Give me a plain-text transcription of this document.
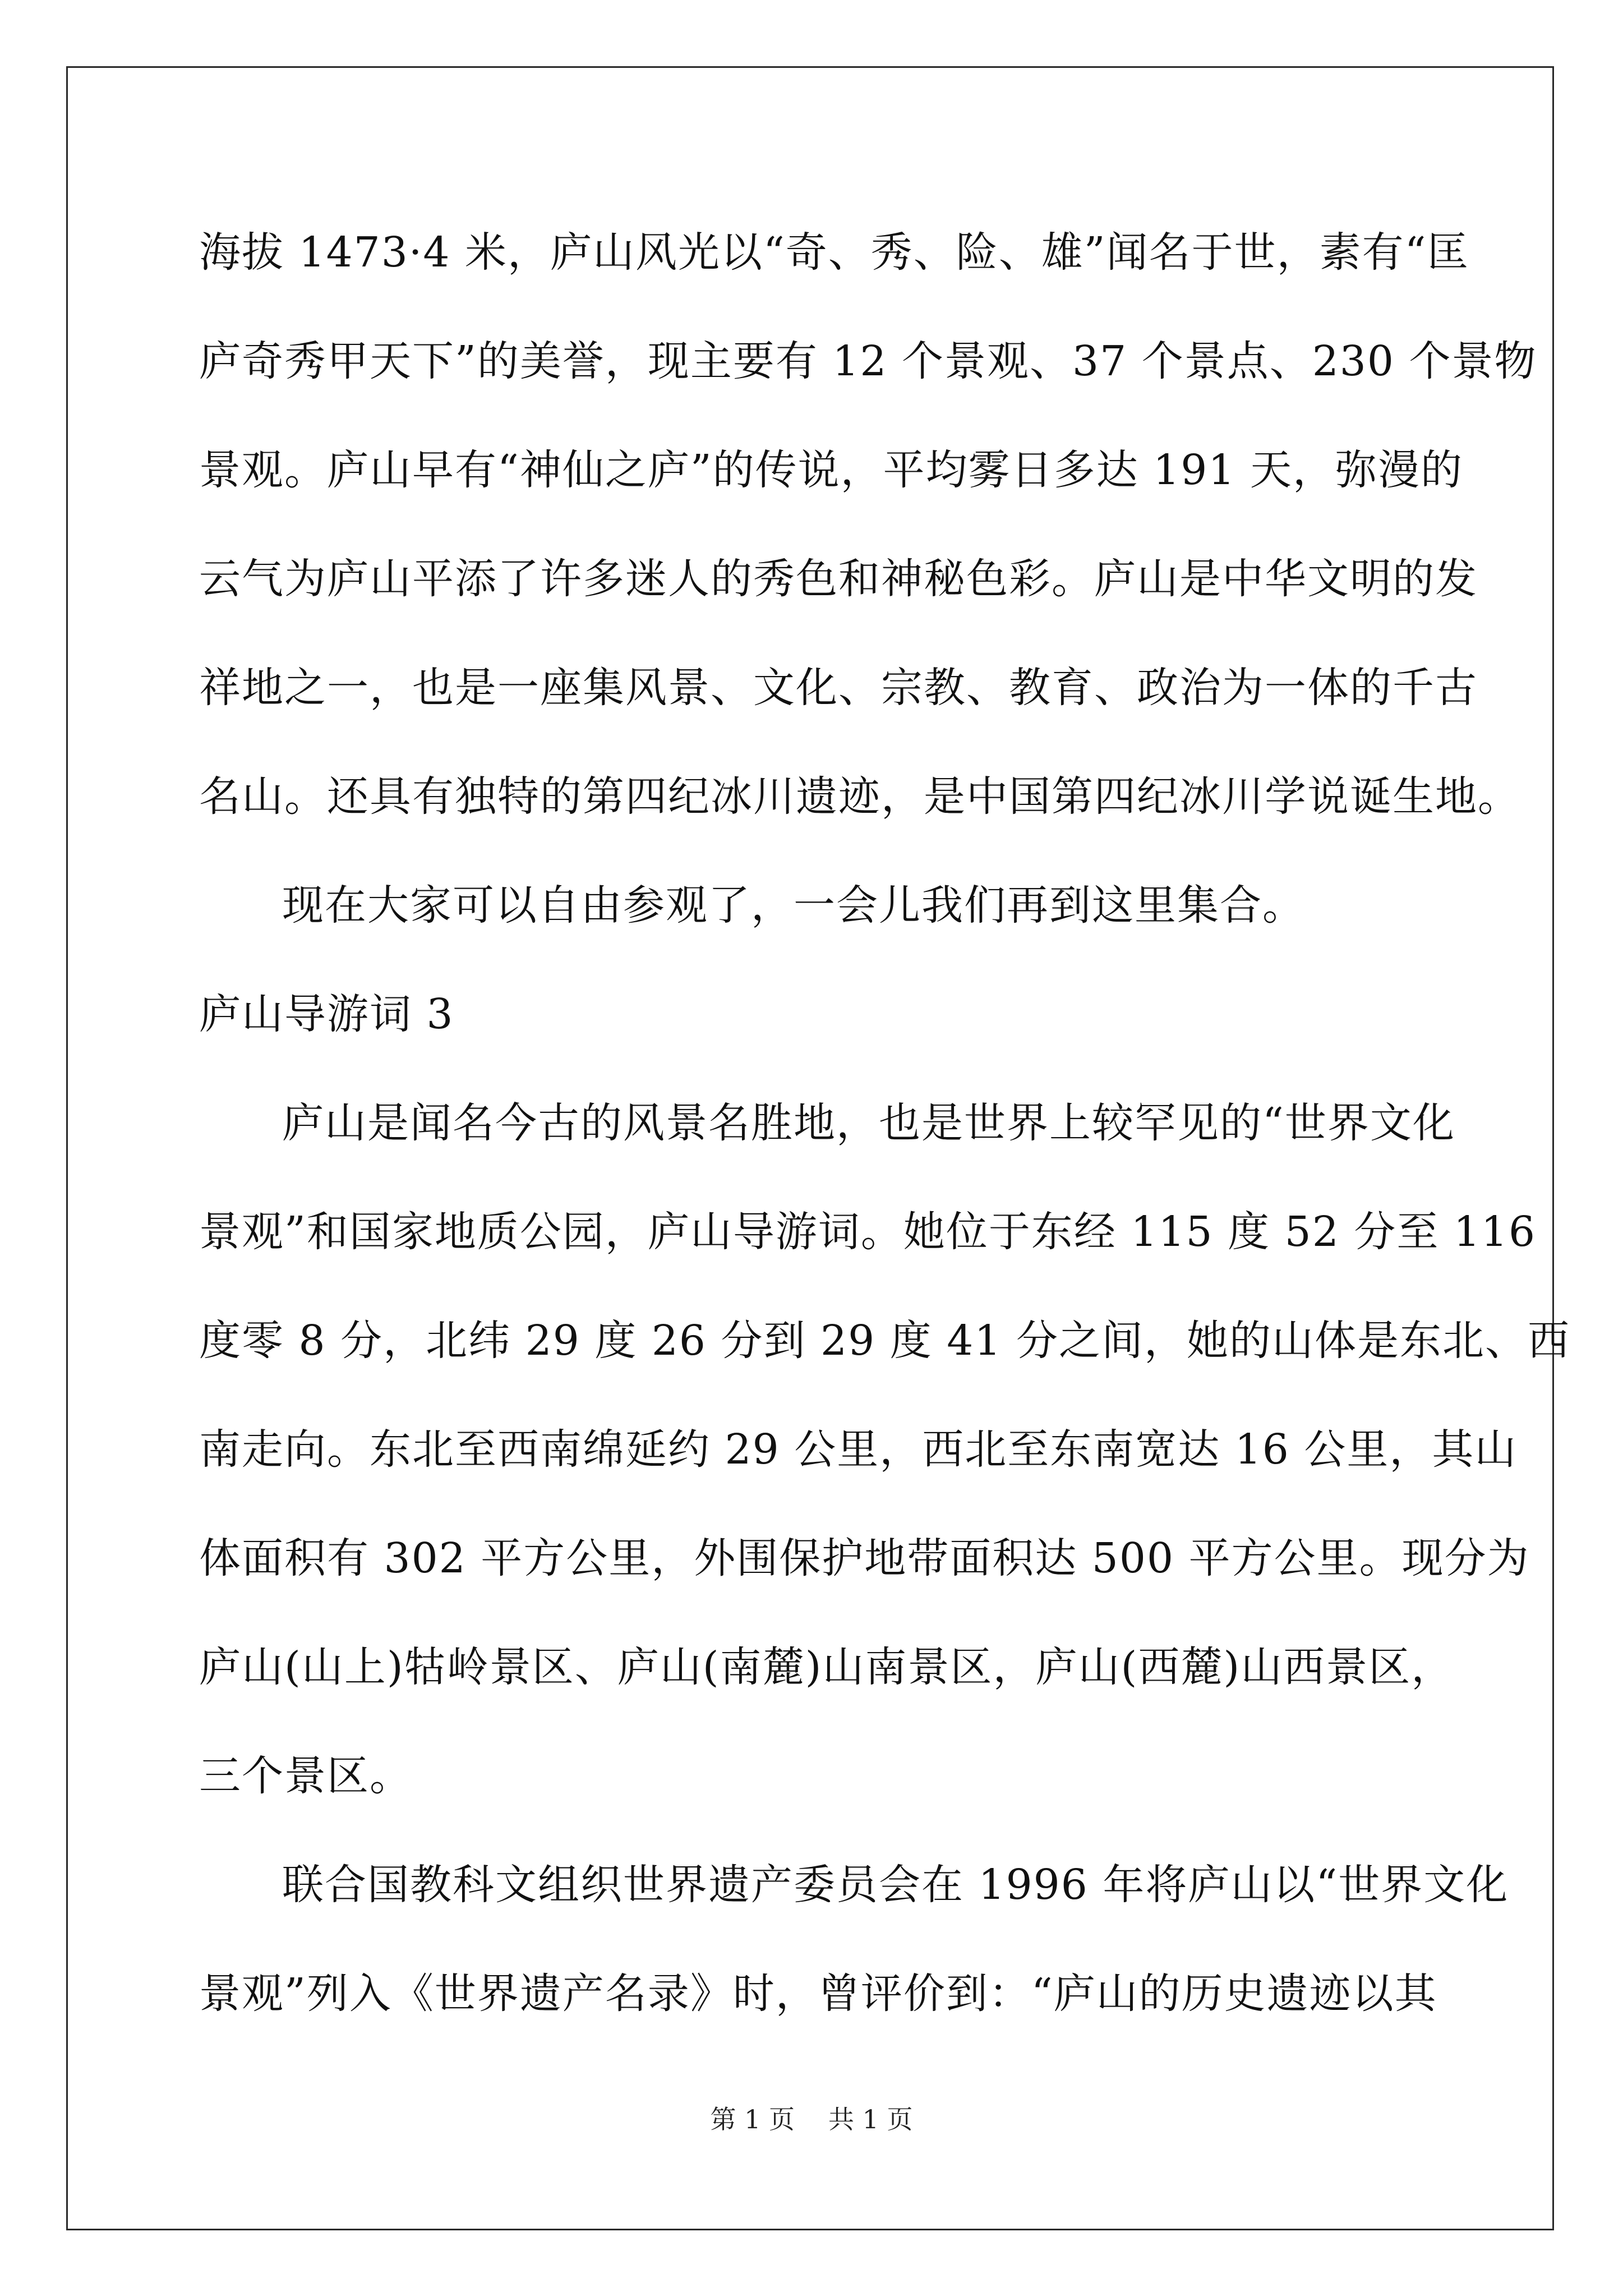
海拔 1473·4 米，庐山风光以“奇、秀、险、雄”闻名于世，素有“匡
庐奇秀甲天下”的美誉，现主要有 12 个景观、37 个景点、230 个景物
景观。庐山早有“神仙之庐”的传说，平均雾日多达 191 天，弥漫的
云气为庐山平添了许多迷人的秀色和神秘色彩。庐山是中华文明的发
祥地之一，也是一座集风景、文化、宗教、教育、政治为一体的千古
名山。还具有独特的第四纪冰川遗迹，是中国第四纪冰川学说诞生地。
现在大家可以自由参观了，一会儿我们再到这里集合。
庐山导游词 3
庐山是闻名今古的风景名胜地，也是世界上较罕见的“世界文化
景观”和国家地质公园，庐山导游词。她位于东经 115 度 52 分至 116
度零 8 分，北纬 29 度 26 分到 29 度 41 分之间，她的山体是东北、西
南走向。东北至西南绵延约 29 公里，西北至东南宽达 16 公里，其山
体面积有 302 平方公里，外围保护地带面积达 500 平方公里。现分为
庐山(山上)牯岭景区、庐山(南麓)山南景区，庐山(西麓)山西景区，
三个景区。
联合国教科文组织世界遗产委员会在 1996 年将庐山以“世界文化
景观”列入《世界遗产名录》时，曾评价到：“庐山的历史遗迹以其
第 1 页 共 1 页
